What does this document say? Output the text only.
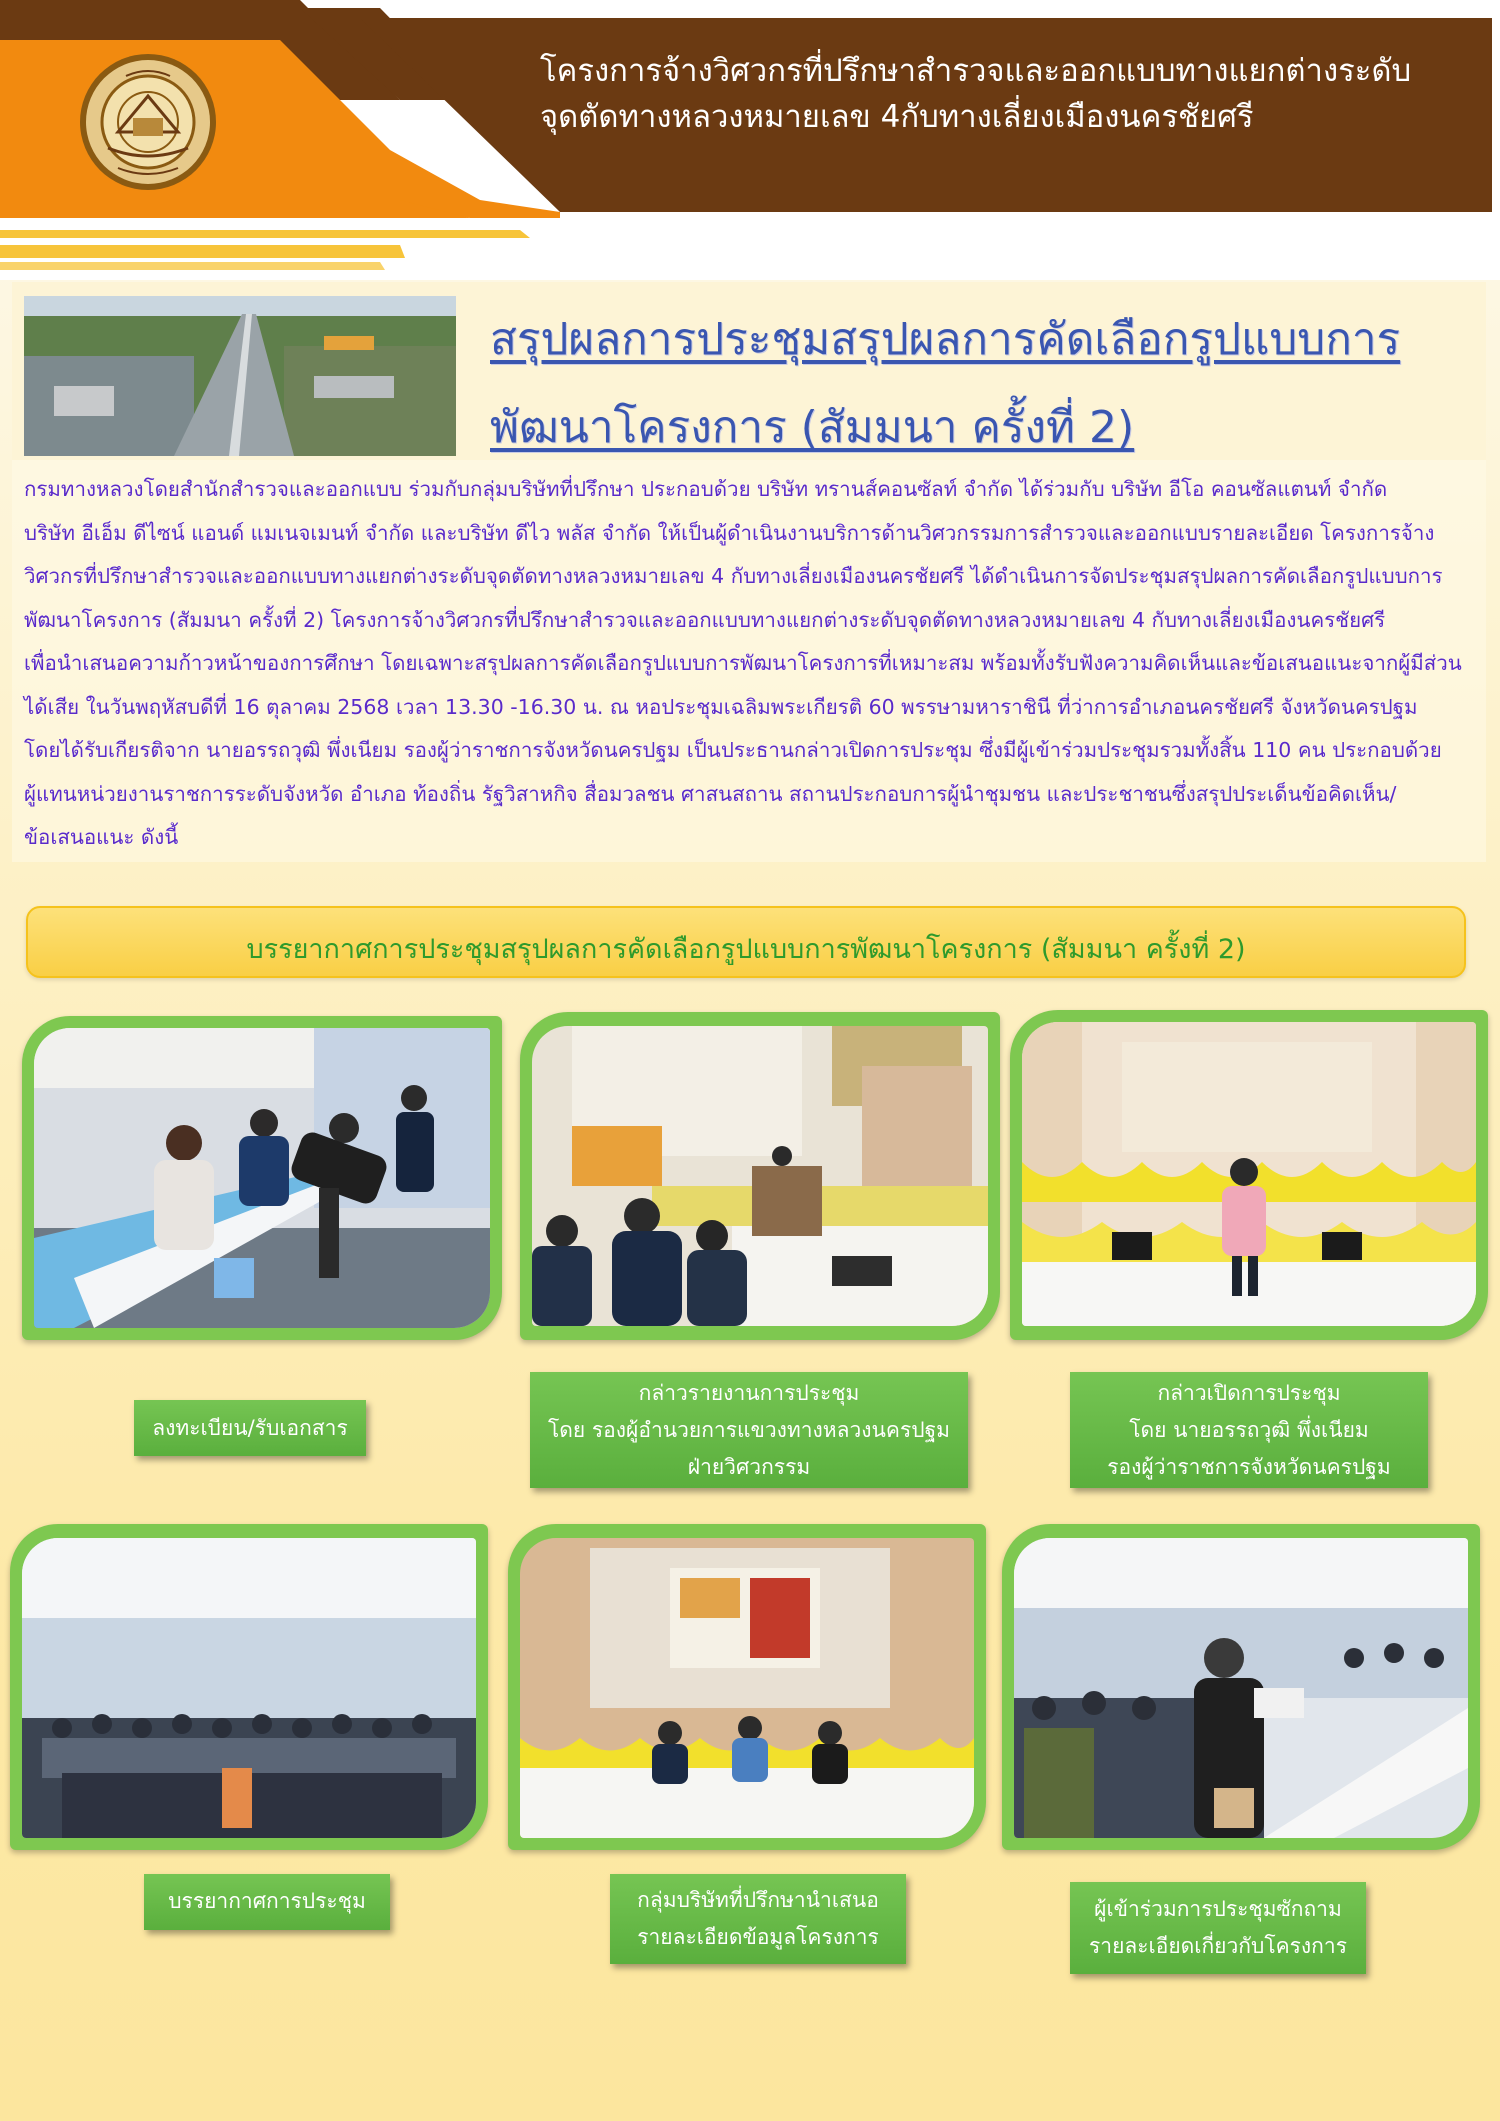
โครงการจ้างวิศวกรที่ปรึกษาสำรวจและออกแบบทางแยกต่างระดับ
จุดตัดทางหลวงหมายเลข 4กับทางเลี่ยงเมืองนครชัยศรี
สรุปผลการประชุมสรุปผลการคัดเลือกรูปแบบการ
พัฒนาโครงการ (สัมมนา ครั้งที่ 2)
กรมทางหลวงโดยสำนักสำรวจและออกแบบ ร่วมกับกลุ่มบริษัทที่ปรึกษา ประกอบด้วย บริษัท ทรานส์คอนซัลท์ จำกัด ได้ร่วมกับ บริษัท อีโอ คอนซัลแตนท์ จำกัด
บริษัท อีเอ็ม ดีไซน์ แอนด์ แมเนจเมนท์ จำกัด และบริษัท ดีไว พลัส จำกัด ให้เป็นผู้ดำเนินงานบริการด้านวิศวกรรมการสำรวจและออกแบบรายละเอียด โครงการจ้าง
วิศวกรที่ปรึกษาสำรวจและออกแบบทางแยกต่างระดับจุดตัดทางหลวงหมายเลข 4 กับทางเลี่ยงเมืองนครชัยศรี ได้ดำเนินการจัดประชุมสรุปผลการคัดเลือกรูปแบบการ
พัฒนาโครงการ (สัมมนา ครั้งที่ 2) โครงการจ้างวิศวกรที่ปรึกษาสำรวจและออกแบบทางแยกต่างระดับจุดตัดทางหลวงหมายเลข 4 กับทางเลี่ยงเมืองนครชัยศรี
เพื่อนำเสนอความก้าวหน้าของการศึกษา โดยเฉพาะสรุปผลการคัดเลือกรูปแบบการพัฒนาโครงการที่เหมาะสม พร้อมทั้งรับฟังความคิดเห็นและข้อเสนอแนะจากผู้มีส่วน
ได้เสีย ในวันพฤหัสบดีที่ 16 ตุลาคม 2568 เวลา 13.30 -16.30 น. ณ หอประชุมเฉลิมพระเกียรติ 60 พรรษามหาราชินี ที่ว่าการอำเภอนครชัยศรี จังหวัดนครปฐม
โดยได้รับเกียรติจาก นายอรรถวุฒิ พึ่งเนียม รองผู้ว่าราชการจังหวัดนครปฐม เป็นประธานกล่าวเปิดการประชุม ซึ่งมีผู้เข้าร่วมประชุมรวมทั้งสิ้น 110 คน ประกอบด้วย
ผู้แทนหน่วยงานราชการระดับจังหวัด อำเภอ ท้องถิ่น รัฐวิสาหกิจ สื่อมวลชน ศาสนสถาน สถานประกอบการผู้นำชุมชน และประชาชนซึ่งสรุปประเด็นข้อคิดเห็น/
ข้อเสนอแนะ ดังนี้
บรรยากาศการประชุมสรุปผลการคัดเลือกรูปแบบการพัฒนาโครงการ (สัมมนา ครั้งที่ 2)
ลงทะเบียน/รับเอกสาร
กล่าวรายงานการประชุม
โดย รองผู้อำนวยการแขวงทางหลวงนครปฐม
ฝ่ายวิศวกรรม
กล่าวเปิดการประชุม
โดย นายอรรถวุฒิ พึ่งเนียม
รองผู้ว่าราชการจังหวัดนครปฐม
บรรยากาศการประชุม	กลุ่มบริษัทที่ปรึกษานำเสนอ
รายละเอียดข้อมูลโครงการ
ผู้เข้าร่วมการประชุมซักถาม
รายละเอียดเกี่ยวกับโครงการ
